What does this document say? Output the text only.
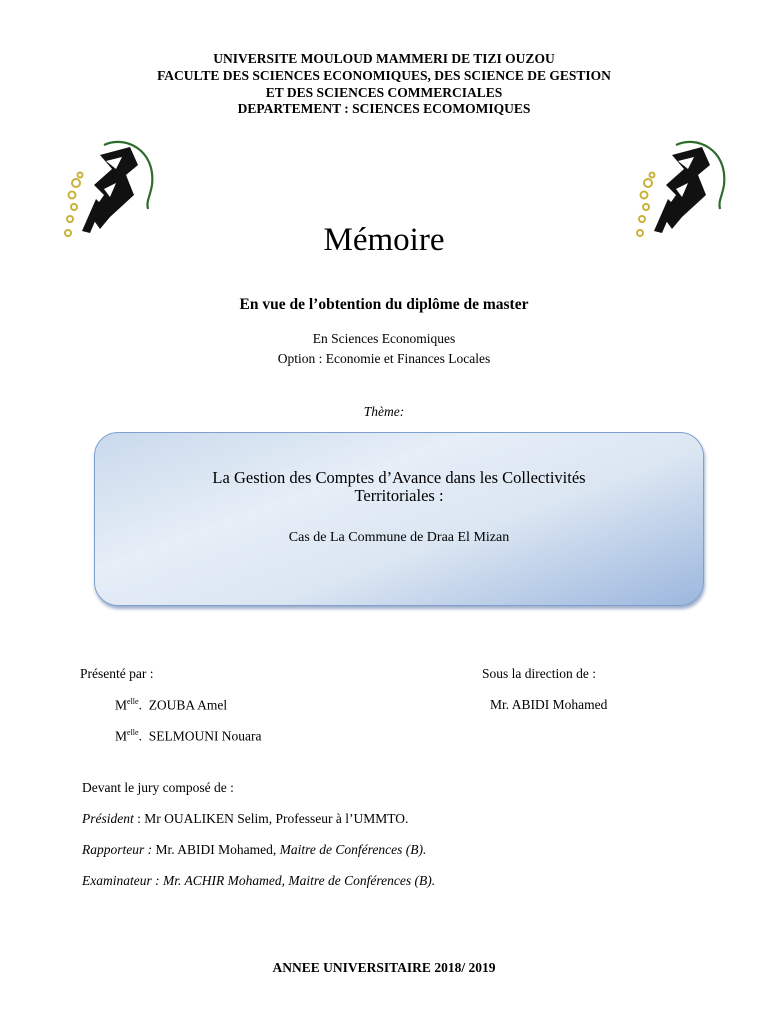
UNIVERSITE MOULOUD MAMMERI DE TIZI OUZOU
FACULTE DES SCIENCES ECONOMIQUES, DES SCIENCE DE GESTION
ET DES SCIENCES COMMERCIALES
DEPARTEMENT : SCIENCES ECOMOMIQUES
Mémoire
En vue de l’obtention du diplôme de master
En Sciences Economiques
Option : Economie et Finances Locales
Thème:
La Gestion des Comptes d’Avance dans les Collectivités
Territoriales :
Cas de La Commune de Draa El Mizan
Présenté par :
$M^{elle}$.  ZOUBA Amel
$M^{elle}$.  SELMOUNI Nouara
Sous la direction de :
Mr. ABIDI Mohamed
Devant le jury composé de :
Président : Mr OUALIKEN Selim, Professeur à l’UMMTO.
Rapporteur : Mr. ABIDI Mohamed, Maitre de Conférences (B).
Examinateur : Mr. ACHIR Mohamed, Maitre de Conférences (B).
ANNEE UNIVERSITAIRE 2018/ 2019
